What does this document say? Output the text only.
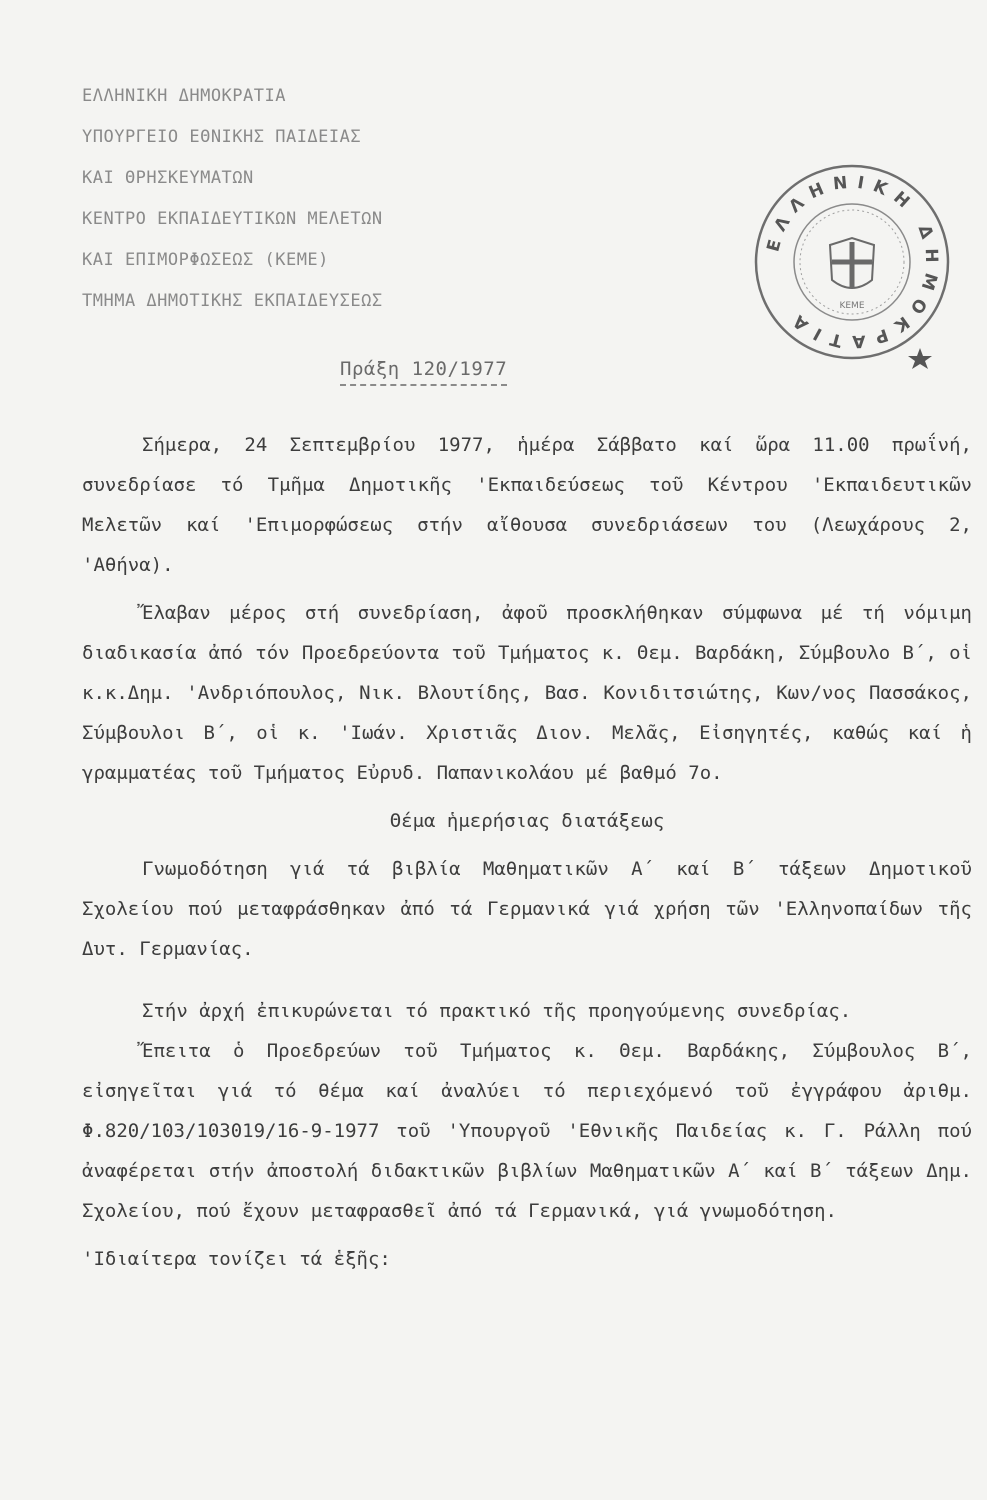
ΕΛΛΗΝΙΚΗ ΔΗΜΟΚΡΑΤΙΑ
ΥΠΟΥΡΓΕΙΟ ΕΘΝΙΚΗΣ ΠΑΙΔΕΙΑΣ
ΚΑΙ ΘΡΗΣΚΕΥΜΑΤΩΝ
ΚΕΝΤΡΟ ΕΚΠΑΙΔΕΥΤΙΚΩΝ ΜΕΛΕΤΩΝ
ΚΑΙ ΕΠΙΜΟΡΦΩΣΕΩΣ (ΚΕΜΕ)
ΤΜΗΜΑ ΔΗΜΟΤΙΚΗΣ ΕΚΠΑΙΔΕΥΣΕΩΣ
ΕΛΛΗΝΙΚΗ ΔΗΜΟΚΡΑΤΙΑ	ΚΕΜΕ
Πράξη 120/1977

Σήμερα, 24 Σεπτεμβρίου 1977, ἡμέρα Σάββατο καί ὥρα 11.00 πρωΐνή, συνεδρίασε τό Τμῆμα Δημοτικῆς 'Εκπαιδεύσεως τοῦ Κέντρου 'Εκπαιδευτικῶν Μελετῶν καί 'Επιμορφώσεως στήν αἴθουσα συνεδριάσεων του (Λεωχάρους 2, 'Αθήνα).

Ἔλαβαν μέρος στή συνεδρίαση, ἀφοῦ προσκλήθηκαν σύμφωνα μέ τή νόμιμη διαδικασία ἀπό τόν Προεδρεύοντα τοῦ Τμήματος κ. Θεμ. Βαρδάκη, Σύμβουλο Β΄, οἱ κ.κ.Δημ. 'Ανδριόπουλος, Νικ. Βλουτίδης, Βασ. Κονιδιτσιώτης, Κων/νος Πασσάκος, Σύμβουλοι Β΄, οἱ κ. 'Ιωάν. Χριστιᾶς Διον. Μελᾶς, Εἰσηγητές, καθώς καί ἡ γραμματέας τοῦ Τμήματος Εὐρυδ. Παπανικολάου μέ βαθμό 7ο.

Θέμα ἡμερήσιας διατάξεως

Γνωμοδότηση γιά τά βιβλία Μαθηματικῶν Α΄ καί Β΄ τάξεων Δημοτικοῦ Σχολείου πού μεταφράσθηκαν ἀπό τά Γερμανικά γιά χρήση τῶν 'Ελληνοπαίδων τῆς Δυτ. Γερμανίας.

Στήν ἀρχή ἐπικυρώνεται τό πρακτικό τῆς προηγούμενης συνεδρίας.

Ἔπειτα ὁ Προεδρεύων τοῦ Τμήματος κ. Θεμ. Βαρδάκης, Σύμβουλος Β΄, εἰσηγεῖται γιά τό θέμα καί ἀναλύει τό περιεχόμενό τοῦ ἐγγράφου ἀριθμ. Φ.820/103/103019/16-9-1977 τοῦ 'Υπουργοῦ 'Εθνικῆς Παιδείας κ. Γ. Ράλλη πού ἀναφέρεται στήν ἀποστολή διδακτικῶν βιβλίων Μαθηματικῶν Α΄ καί Β΄ τάξεων Δημ. Σχολείου, πού ἔχουν μεταφρασθεῖ ἀπό τά Γερμανικά, γιά γνωμοδότηση.

'Ιδιαίτερα τονίζει τά ἑξῆς:
